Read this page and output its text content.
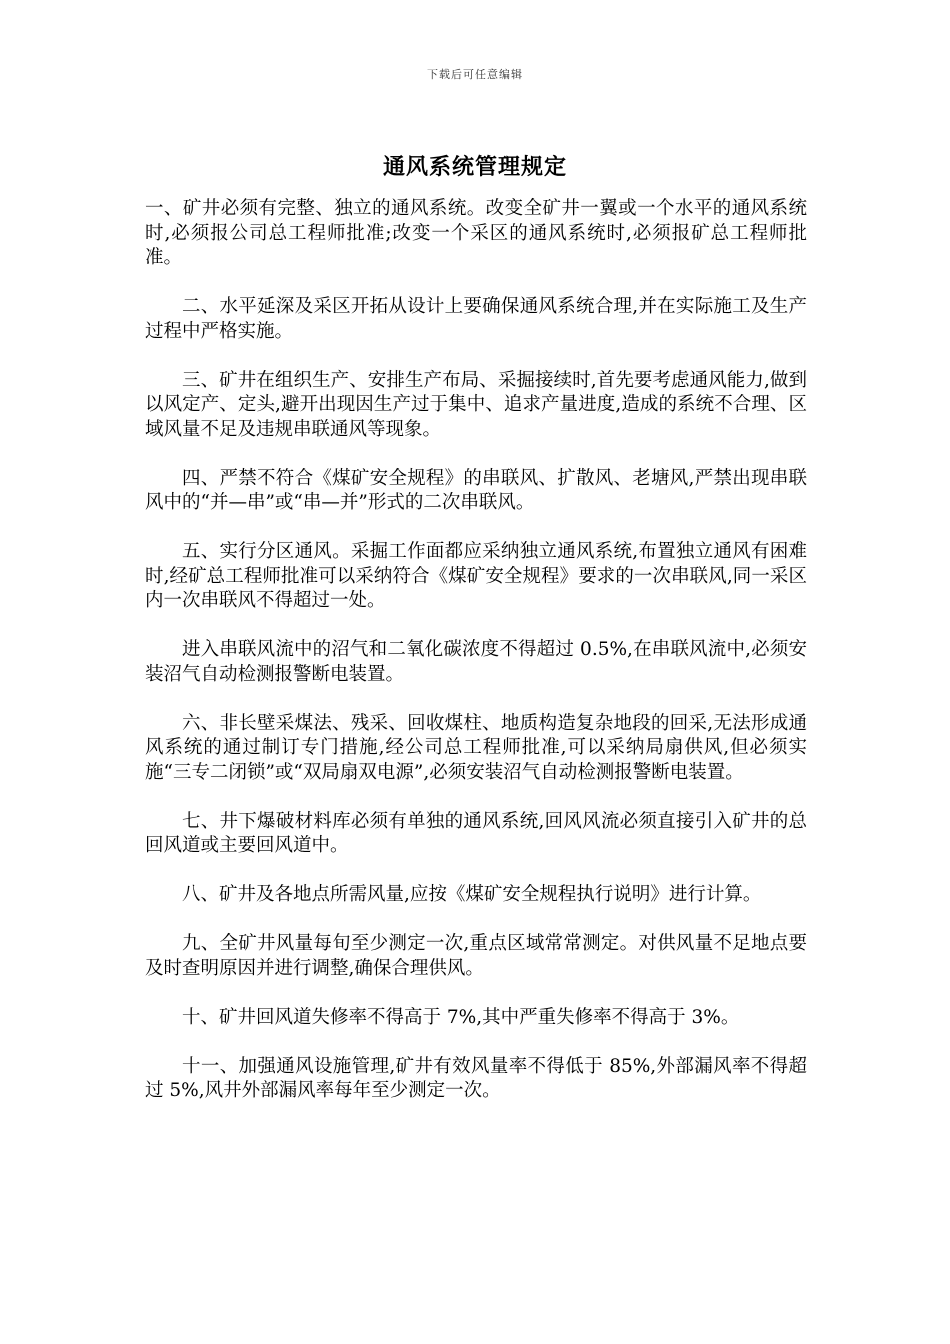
下载后可任意编辑
通风系统管理规定

一、矿井必须有完整、独立的通风系统。改变全矿井一翼或一个水平的通风系统时,必须报公司总工程师批准;改变一个采区的通风系统时,必须报矿总工程师批准。

二、水平延深及采区开拓从设计上要确保通风系统合理,并在实际施工及生产过程中严格实施。

三、矿井在组织生产、安排生产布局、采掘接续时,首先要考虑通风能力,做到以风定产、定头,避开出现因生产过于集中、追求产量进度,造成的系统不合理、区域风量不足及违规串联通风等现象。

四、严禁不符合《煤矿安全规程》的串联风、扩散风、老塘风,严禁出现串联风中的“并—串”或“串—并”形式的二次串联风。

五、实行分区通风。采掘工作面都应采纳独立通风系统,布置独立通风有困难时,经矿总工程师批准可以采纳符合《煤矿安全规程》要求的一次串联风,同一采区内一次串联风不得超过一处。

进入串联风流中的沼气和二氧化碳浓度不得超过 0.5%,在串联风流中,必须安装沼气自动检测报警断电装置。

六、非长壁采煤法、残采、回收煤柱、地质构造复杂地段的回采,无法形成通风系统的通过制订专门措施,经公司总工程师批准,可以采纳局扇供风,但必须实施“三专二闭锁”或“双局扇双电源”,必须安装沼气自动检测报警断电装置。

七、井下爆破材料库必须有单独的通风系统,回风风流必须直接引入矿井的总回风道或主要回风道中。

八、矿井及各地点所需风量,应按《煤矿安全规程执行说明》进行计算。

九、全矿井风量每旬至少测定一次,重点区域常常测定。对供风量不足地点要及时查明原因并进行调整,确保合理供风。

十、矿井回风道失修率不得高于 7%,其中严重失修率不得高于 3%。

十一、加强通风设施管理,矿井有效风量率不得低于 85%,外部漏风率不得超过 5%,风井外部漏风率每年至少测定一次。
